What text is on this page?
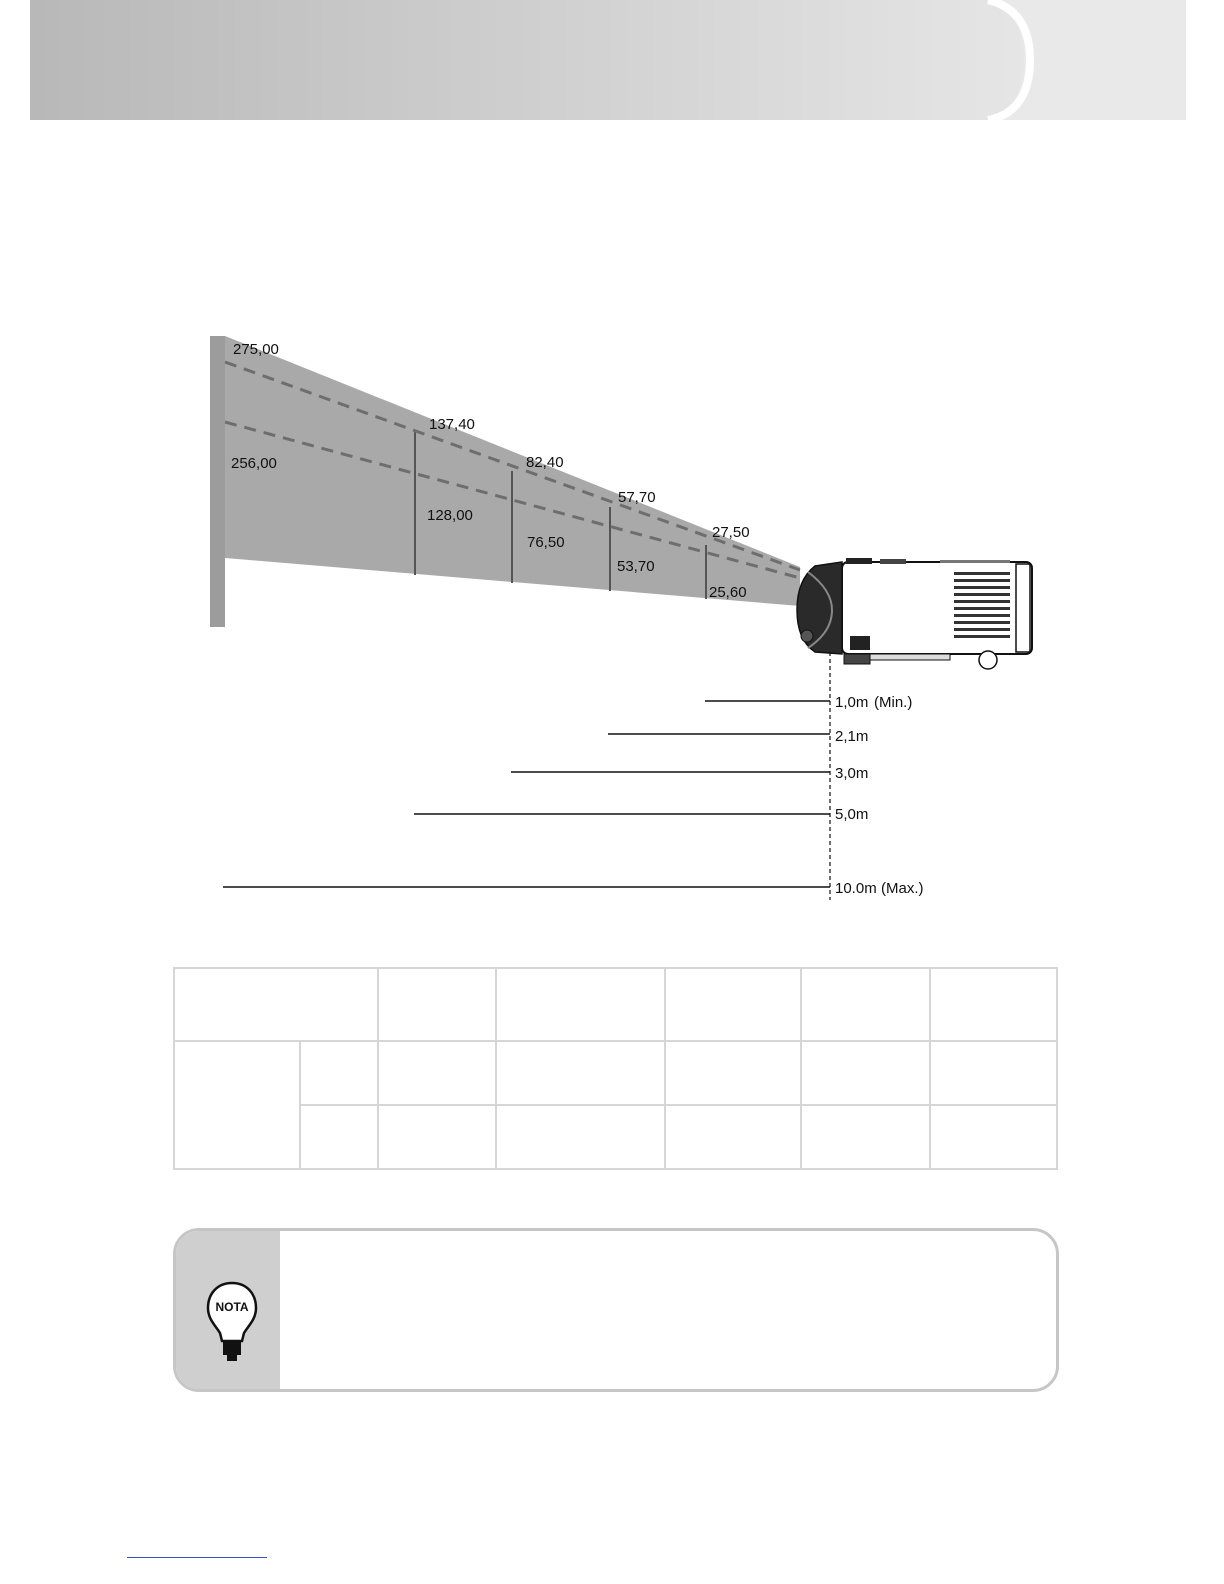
275,00
137,40
82,40
57,70
27,50
256,00
128,00
76,50
53,70
25,60
1,0m (Min.)
2,1m
3,0m
5,0m
10.0m (Max.)

NOTA
